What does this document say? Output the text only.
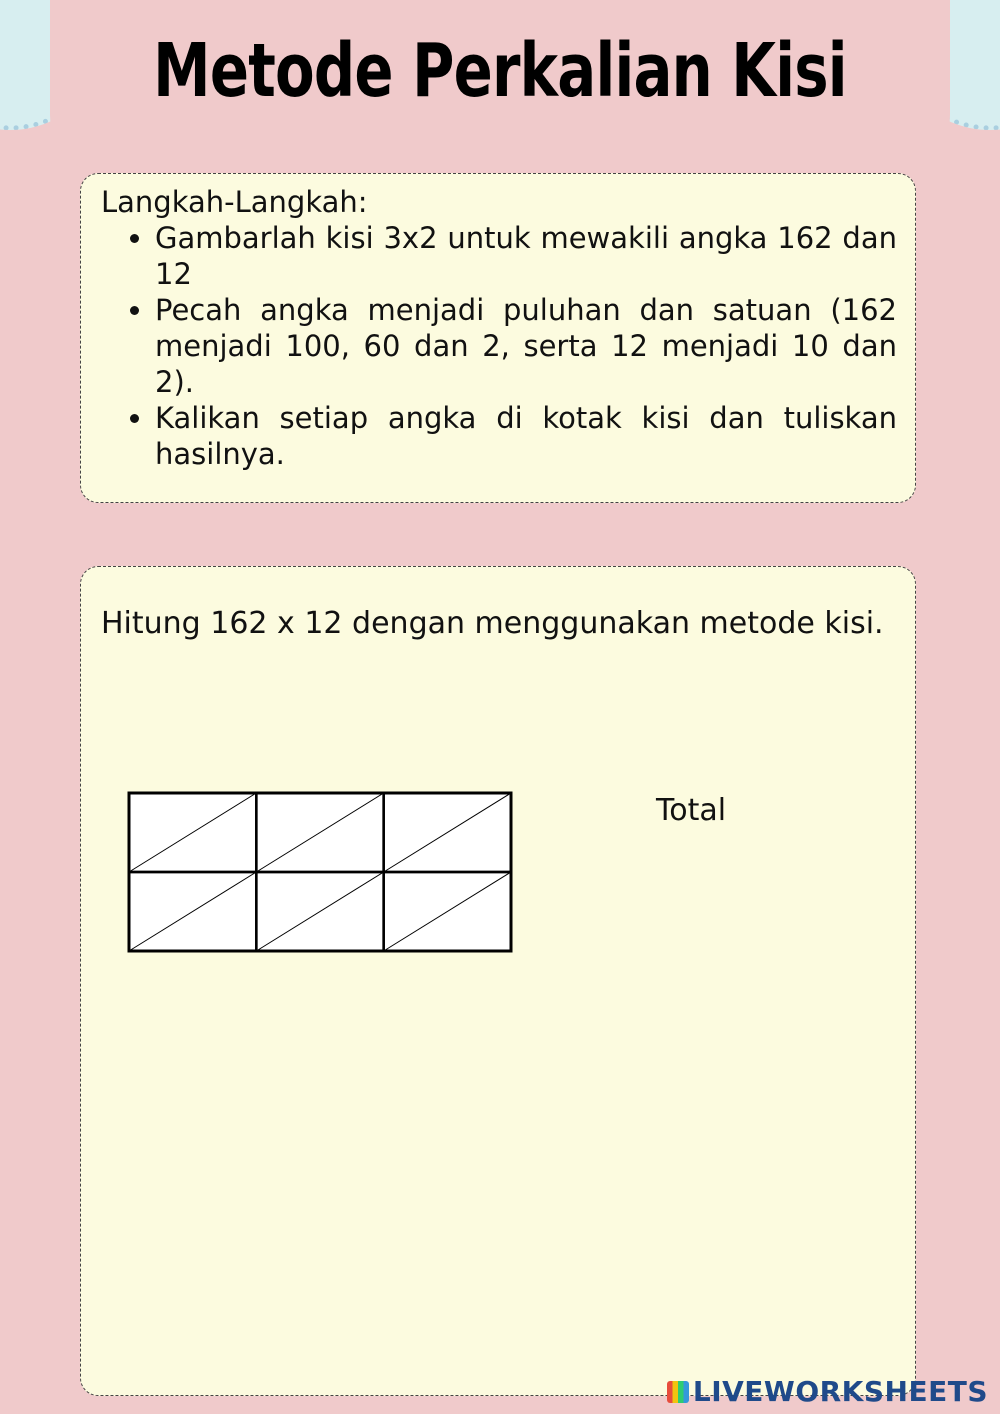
Metode Perkalian Kisi
Langkah-Langkah:
• Gambarlah kisi 3x2 untuk mewakili angka 162 dan 12
• Pecah angka menjadi puluhan dan satuan (162 menjadi 100, 60 dan 2, serta 12 menjadi 10 dan 2).
• Kalikan setiap angka di kotak kisi dan tuliskan hasilnya.
Hitung 162 x 12 dengan menggunakan metode kisi.
Total
LIVEWORKSHEETS
